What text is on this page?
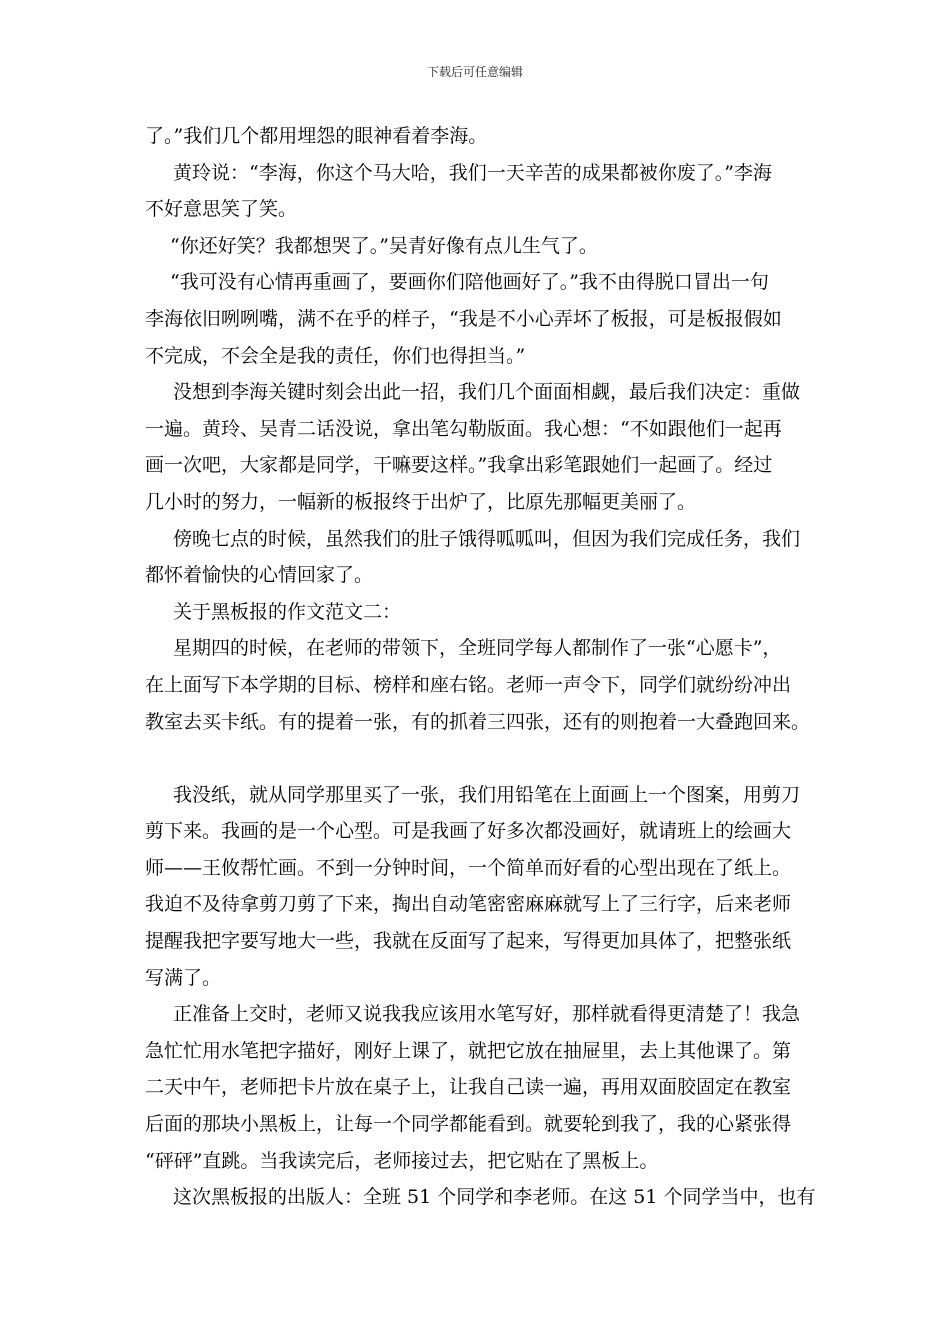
下载后可任意编辑
了。”我们几个都用埋怨的眼神看着李海。
黄玲说：“李海，你这个马大哈，我们一天辛苦的成果都被你废了。”李海
不好意思笑了笑。
“你还好笑？我都想哭了。”吴青好像有点儿生气了。
“我可没有心情再重画了，要画你们陪他画好了。”我不由得脱口冒出一句
李海依旧咧咧嘴，满不在乎的样子，“我是不小心弄坏了板报，可是板报假如
不完成，不会全是我的责任，你们也得担当。”
没想到李海关键时刻会出此一招，我们几个面面相觑，最后我们决定：重做
一遍。黄玲、吴青二话没说，拿出笔勾勒版面。我心想：“不如跟他们一起再
画一次吧，大家都是同学，干嘛要这样。”我拿出彩笔跟她们一起画了。经过
几小时的努力，一幅新的板报终于出炉了，比原先那幅更美丽了。
傍晚七点的时候，虽然我们的肚子饿得呱呱叫，但因为我们完成任务，我们
都怀着愉快的心情回家了。
关于黑板报的作文范文二：
星期四的时候，在老师的带领下，全班同学每人都制作了一张“心愿卡”，
在上面写下本学期的目标、榜样和座右铭。老师一声令下，同学们就纷纷冲出
教室去买卡纸。有的提着一张，有的抓着三四张，还有的则抱着一大叠跑回来。
我没纸，就从同学那里买了一张，我们用铅笔在上面画上一个图案，用剪刀
剪下来。我画的是一个心型。可是我画了好多次都没画好，就请班上的绘画大
师——王攸帮忙画。不到一分钟时间，一个简单而好看的心型出现在了纸上。
我迫不及待拿剪刀剪了下来，掏出自动笔密密麻麻就写上了三行字，后来老师
提醒我把字要写地大一些，我就在反面写了起来，写得更加具体了，把整张纸
写满了。
正准备上交时，老师又说我我应该用水笔写好，那样就看得更清楚了！我急
急忙忙用水笔把字描好，刚好上课了，就把它放在抽屉里，去上其他课了。第
二天中午，老师把卡片放在桌子上，让我自己读一遍，再用双面胶固定在教室
后面的那块小黑板上，让每一个同学都能看到。就要轮到我了，我的心紧张得
“砰砰”直跳。当我读完后，老师接过去，把它贴在了黑板上。
这次黑板报的出版人：全班 51 个同学和李老师。在这 51 个同学当中，也有
